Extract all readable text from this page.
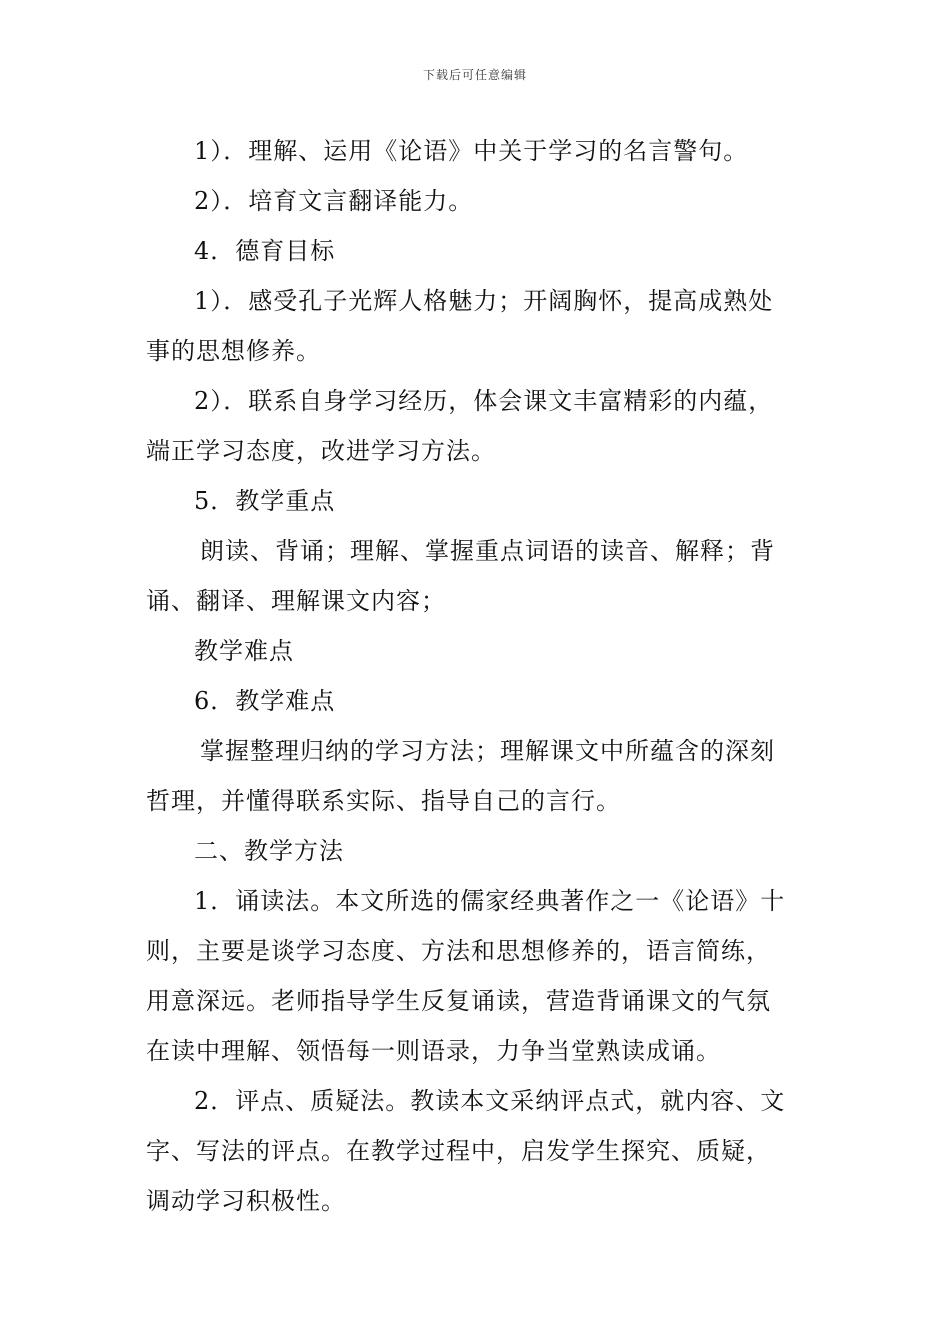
下载后可任意编辑

1）．理解、运用《论语》中关于学习的名言警句。

2）．培育文言翻译能力。

4．德育目标

1）．感受孔子光辉人格魅力；开阔胸怀，提高成熟处

事的思想修养。

2）．联系自身学习经历，体会课文丰富精彩的内蕴，

端正学习态度，改进学习方法。

5．教学重点

朗读、背诵；理解、掌握重点词语的读音、解释；背

诵、翻译、理解课文内容；

教学难点

6．教学难点

掌握整理归纳的学习方法；理解课文中所蕴含的深刻

哲理，并懂得联系实际、指导自己的言行。

二、教学方法

1．诵读法。本文所选的儒家经典著作之一《论语》十

则，主要是谈学习态度、方法和思想修养的，语言简练，

用意深远。老师指导学生反复诵读，营造背诵课文的气氛

在读中理解、领悟每一则语录，力争当堂熟读成诵。

2．评点、质疑法。教读本文采纳评点式，就内容、文

字、写法的评点。在教学过程中，启发学生探究、质疑，

调动学习积极性。
